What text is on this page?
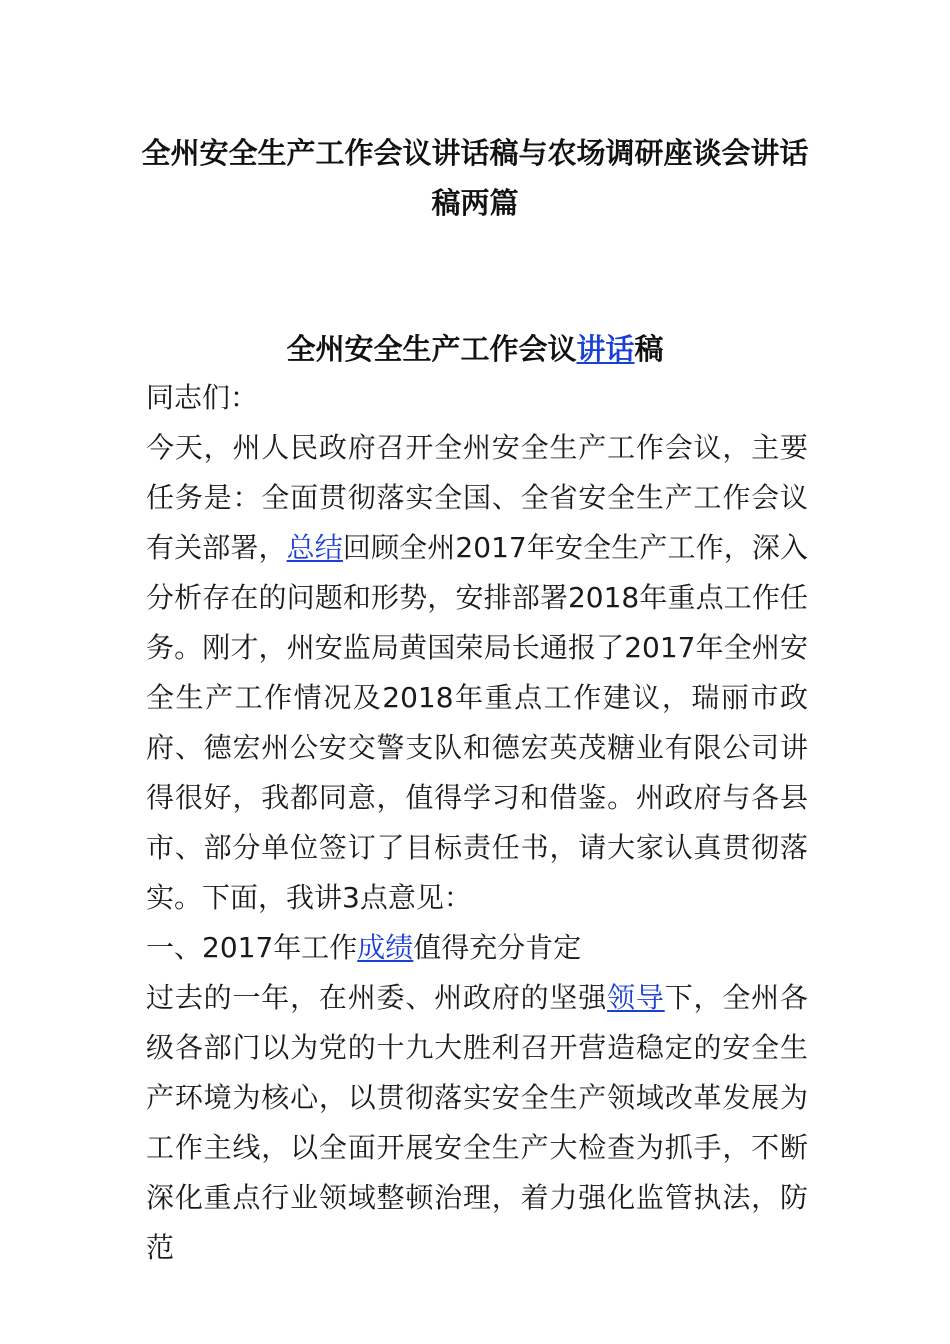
全州安全生产工作会议讲话稿与农场调研座谈会讲话
稿两篇
全州安全生产工作会议讲话稿

同志们：

今天，州人民政府召开全州安全生产工作会议，主要任务是：全面贯彻落实全国、全省安全生产工作会议有关部署，总结回顾全州2017年安全生产工作，深入分析存在的问题和形势，安排部署2018年重点工作任务。刚才，州安监局黄国荣局长通报了2017年全州安全生产工作情况及2018年重点工作建议，瑞丽市政府、德宏州公安交警支队和德宏英茂糖业有限公司讲得很好，我都同意，值得学习和借鉴。州政府与各县市、部分单位签订了目标责任书，请大家认真贯彻落实。下面，我讲3点意见：

一、2017年工作成绩值得充分肯定

过去的一年，在州委、州政府的坚强领导下，全州各级各部门以为党的十九大胜利召开营造稳定的安全生产环境为核心，以贯彻落实安全生产领域改革发展为工作主线，以全面开展安全生产大检查为抓手，不断深化重点行业领域整顿治理，着力强化监管执法，防范
